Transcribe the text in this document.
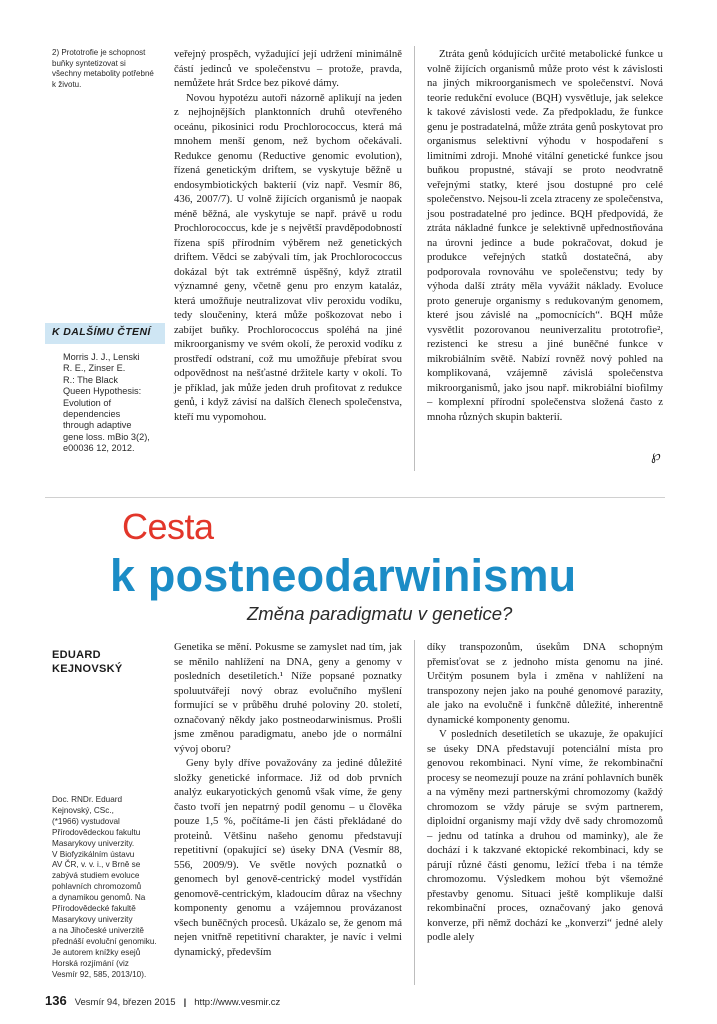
2) Prototrofie je schopnost buňky syntetizovat si všechny metabolity potřebné k životu.
K DALŠÍMU ČTENÍ
Morris J. J., Lenski
R. E., Zinser E.
R.: The Black
Queen Hypothesis:
Evolution of
dependencies
through adaptive
gene loss. mBio 3(2),
e00036 12, 2012.

veřejný prospěch, vyžadující její udržení minimálně částí jedinců ve společenstvu – protože, pravda, nemůžete hrát Srdce bez pikové dámy.

Novou hypotézu autoři názorně aplikují na jeden z nejhojnějších planktonních druhů otevřeného oceánu, pikosinici rodu Prochlorococcus, která má mnohem menší genom, než bychom očekávali. Redukce genomu (Reductive genomic evolution), řízená genetickým driftem, se vyskytuje běžně u endosymbiotických bakterií (viz např. Vesmír 86, 436, 2007/7). U volně žijících organismů je naopak méně běžná, ale vyskytuje se např. právě u rodu Prochlorococcus, kde je s největší pravděpodobností řízena spíš přírodním výběrem než genetických driftem. Vědci se zabývali tím, jak Prochlorococcus dokázal být tak extrémně úspěšný, když ztratil významné geny, včetně genu pro enzym kataláz, která umožňuje neutralizovat vliv peroxidu vodíku, tedy sloučeniny, která může poškozovat nebo i zabíjet buňky. Prochlorococcus spoléhá na jiné mikroorganismy ve svém okolí, že peroxid vodíku z prostředí odstraní, což mu umožňuje přebírat svou odpovědnost na nešťastné držitele karty v okolí. To je příklad, jak může jeden druh profitovat z redukce genů, i když závisí na dalších členech společenstva, kteří mu vypomohou.

Ztráta genů kódujících určité metabolické funkce u volně žijících organismů může proto vést k závislosti na jiných mikroorganismech ve společenství. Nová teorie redukční evoluce (BQH) vysvětluje, jak selekce k takové závislosti vede. Za předpokladu, že funkce genu je postradatelná, může ztráta genů poskytovat pro organismus selektivní výhodu v hospodaření s limitními zdroji. Mnohé vitální genetické funkce jsou buňkou propustné, stávají se proto neodvratně veřejnými statky, které jsou dostupné pro celé společenstvo. Nejsou-li zcela ztraceny ze společenstva, jsou postradatelné pro jedince. BQH předpovídá, že ztráta nákladné funkce je selektivně upřednostňována na úrovni jedince a bude pokračovat, dokud je produkce veřejných statků dostatečná, aby podporovala rovnováhu ve společenstvu; tedy by výhoda další ztráty měla vyvážit náklady. Evoluce proto generuje organismy s redukovaným genomem, které jsou závislé na „pomocnících“. BQH může vysvětlit pozorovanou neuniverzalitu prototrofie², rezistenci ke stresu a jiné buněčné funkce v mikrobiálním světě. Nabízí rovněž nový pohled na komplikovaná, vzájemně závislá společenstva mikroorganismů, jako jsou např. mikrobiální biofilmy – komplexní přírodní společenstva složená často z mnoha různých skupin bakterií.

℘
Cesta
k postneodarwinismu
Změna paradigmatu v genetice?
EDUARD
KEJNOVSKÝ
Doc. RNDr. Eduard
Kejnovský, CSc.,
(*1966) vystudoval
Přírodovědeckou fakultu
Masarykovy univerzity.
V Biofyzikálním ústavu
AV ČR, v. v. i., v Brně se
zabývá studiem evoluce
pohlavních chromozomů
a dynamikou genomů. Na
Přírodovědecké fakultě
Masarykovy univerzity
a na Jihočeské univerzitě
přednáší evoluční genomiku.
Je autorem knížky esejů
Horská rozjímání (viz
Vesmír 92, 585, 2013/10).

Genetika se mění. Pokusme se zamyslet nad tím, jak se měnilo nahlížení na DNA, geny a genomy v posledních desetiletích.¹ Níže popsané poznatky spoluutvářejí nový obraz evolučního myšlení formující se v průběhu druhé poloviny 20. století, označovaný někdy jako postneodarwinismus. Prošli jsme změnou paradigmatu, anebo jde o normální vývoj oboru?

Geny byly dříve považovány za jediné důležité složky genetické informace. Již od dob prvních analýz eukaryotických genomů však víme, že geny často tvoří jen nepatrný podíl genomu – u člověka pouze 1,5 %, počítáme-li jen části překládané do proteinů. Většinu našeho genomu představují repetitivní (opakující se) úseky DNA (Vesmír 88, 556, 2009/9). Ve světle nových poznatků o genomech byl genově-centrický model vystřídán genomově-centrickým, kladoucím důraz na všechny komponenty genomu a vzájemnou provázanost všech buněčných procesů. Ukázalo se, že genom má nejen vnitřně repetitivní charakter, je navíc i velmi dynamický, především

díky transpozonům, úsekům DNA schopným přemisťovat se z jednoho místa genomu na jiné. Určitým posunem byla i změna v nahlížení na transpozony nejen jako na pouhé genomové parazity, ale jako na evolučně i funkčně důležité, inherentně dynamické komponenty genomu.

V posledních desetiletích se ukazuje, že opakující se úseky DNA představují potenciální místa pro genovou rekombinaci. Nyní víme, že rekombinační procesy se neomezují pouze na zrání pohlavních buněk a na výměny mezi partnerskými chromozomy (každý chromozom se vždy páruje se svým partnerem, diploidní organismy mají vždy dvě sady chromozomů – jednu od tatínka a druhou od maminky), ale že dochází i k takzvané ektopické rekombinaci, kdy se párují různé části genomu, ležící třeba i na témže chromozomu. Výsledkem mohou být všemožné přestavby genomu. Situaci ještě komplikuje další rekombinační proces, označovaný jako genová konverze, při němž dochází ke „konverzi“ jedné alely podle alely

136 Vesmír 94, březen 2015 | http://www.vesmir.cz
